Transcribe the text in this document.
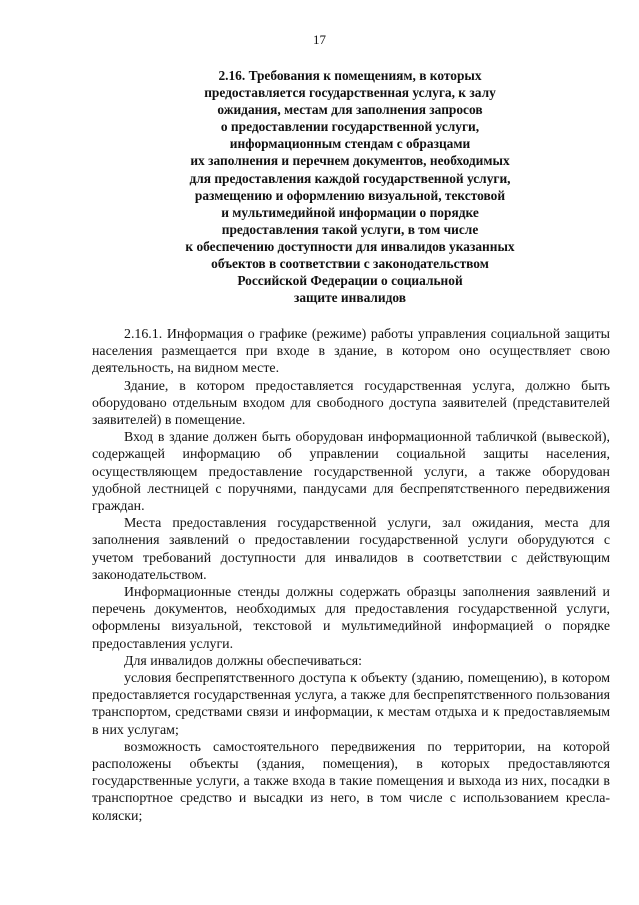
17
2.16. Требования к помещениям, в которых
предоставляется государственная услуга, к залу
ожидания, местам для заполнения запросов
о предоставлении государственной услуги,
информационным стендам с образцами
их заполнения и перечнем документов, необходимых
для предоставления каждой государственной услуги,
размещению и оформлению визуальной, текстовой
и мультимедийной информации о порядке
предоставления такой услуги, в том числе
к обеспечению доступности для инвалидов указанных
объектов в соответствии с законодательством
Российской Федерации о социальной
защите инвалидов

2.16.1. Информация о графике (режиме) работы управления социальной защиты населения размещается при входе в здание, в котором оно осуществляет свою деятельность, на видном месте.

Здание, в котором предоставляется государственная услуга, должно быть оборудовано отдельным входом для свободного доступа заявителей (представителей заявителей) в помещение.

Вход в здание должен быть оборудован информационной табличкой (вывеской), содержащей информацию об управлении социальной защиты населения, осуществляющем предоставление государственной услуги, а также оборудован удобной лестницей с поручнями, пандусами для беспрепятственного передвижения граждан.

Места предоставления государственной услуги, зал ожидания, места для заполнения заявлений о предоставлении государственной услуги оборудуются с учетом требований доступности для инвалидов в соответствии с действующим законодательством.

Информационные стенды должны содержать образцы заполнения заявлений и перечень документов, необходимых для предоставления государственной услуги, оформлены визуальной, текстовой и мультимедийной информацией о порядке предоставления услуги.

Для инвалидов должны обеспечиваться:

условия беспрепятственного доступа к объекту (зданию, помещению), в котором предоставляется государственная услуга, а также для беспрепятственного пользования транспортом, средствами связи и информации, к местам отдыха и к предоставляемым в них услугам;

возможность самостоятельного передвижения по территории, на которой расположены объекты (здания, помещения), в которых предоставляются государственные услуги, а также входа в такие помещения и выхода из них, посадки в транспортное средство и высадки из него, в том числе с использованием кресла-коляски;
